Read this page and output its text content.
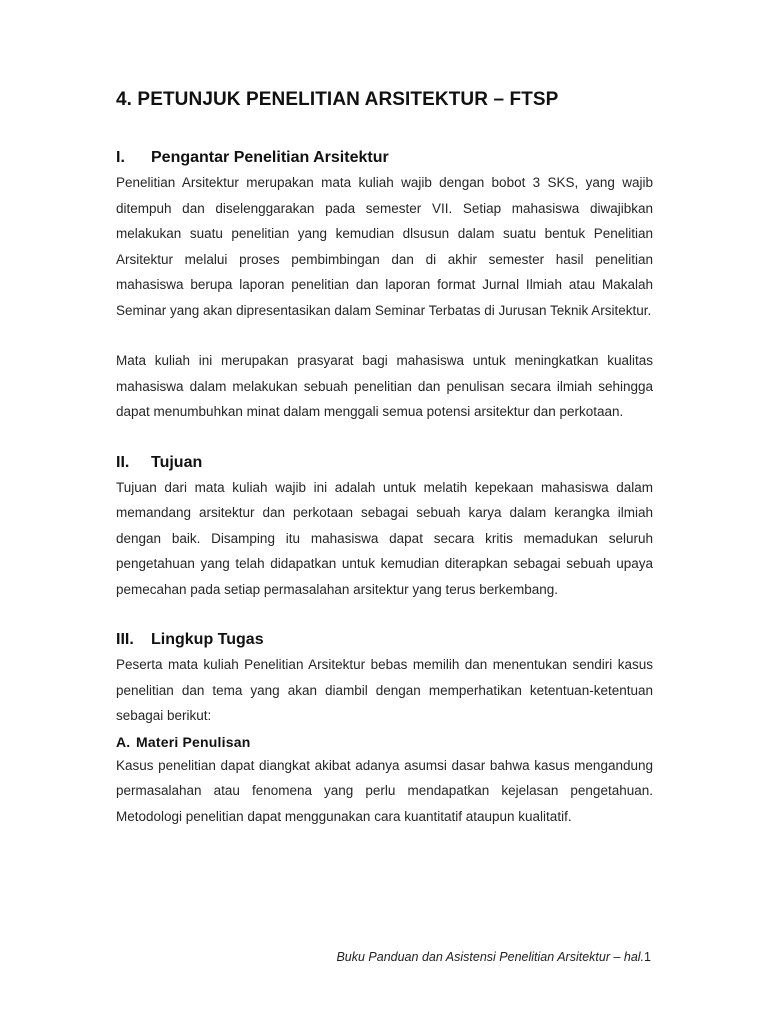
4. PETUNJUK PENELITIAN ARSITEKTUR – FTSP
I.	Pengantar Penelitian Arsitektur

Penelitian Arsitektur merupakan mata kuliah wajib dengan bobot 3 SKS, yang wajib ditempuh dan diselenggarakan pada semester VII. Setiap mahasiswa diwajibkan melakukan suatu penelitian yang kemudian dlsusun dalam suatu bentuk Penelitian Arsitektur melalui proses pembimbingan dan di akhir semester hasil penelitian mahasiswa berupa laporan penelitian dan laporan format Jurnal Ilmiah atau Makalah Seminar yang akan dipresentasikan dalam Seminar Terbatas di Jurusan Teknik Arsitektur.

Mata kuliah ini merupakan prasyarat bagi mahasiswa untuk meningkatkan kualitas mahasiswa dalam melakukan sebuah penelitian dan penulisan secara ilmiah sehingga dapat menumbuhkan minat dalam menggali semua potensi arsitektur dan perkotaan.

II.	Tujuan

Tujuan dari mata kuliah wajib ini adalah untuk melatih kepekaan mahasiswa dalam memandang arsitektur dan perkotaan sebagai sebuah karya dalam kerangka ilmiah dengan baik. Disamping itu mahasiswa dapat secara kritis memadukan seluruh pengetahuan yang telah didapatkan untuk kemudian diterapkan sebagai sebuah upaya pemecahan pada setiap permasalahan arsitektur yang terus berkembang.

III.	Lingkup Tugas

Peserta mata kuliah Penelitian Arsitektur bebas memilih dan menentukan sendiri kasus penelitian dan tema yang akan diambil dengan memperhatikan ketentuan-ketentuan sebagai berikut:

A. Materi Penulisan

Kasus penelitian dapat diangkat akibat adanya asumsi dasar bahwa kasus mengandung permasalahan atau fenomena yang perlu mendapatkan kejelasan pengetahuan. Metodologi penelitian dapat menggunakan cara kuantitatif ataupun kualitatif.

Buku Panduan dan Asistensi Penelitian Arsitektur – hal.1
